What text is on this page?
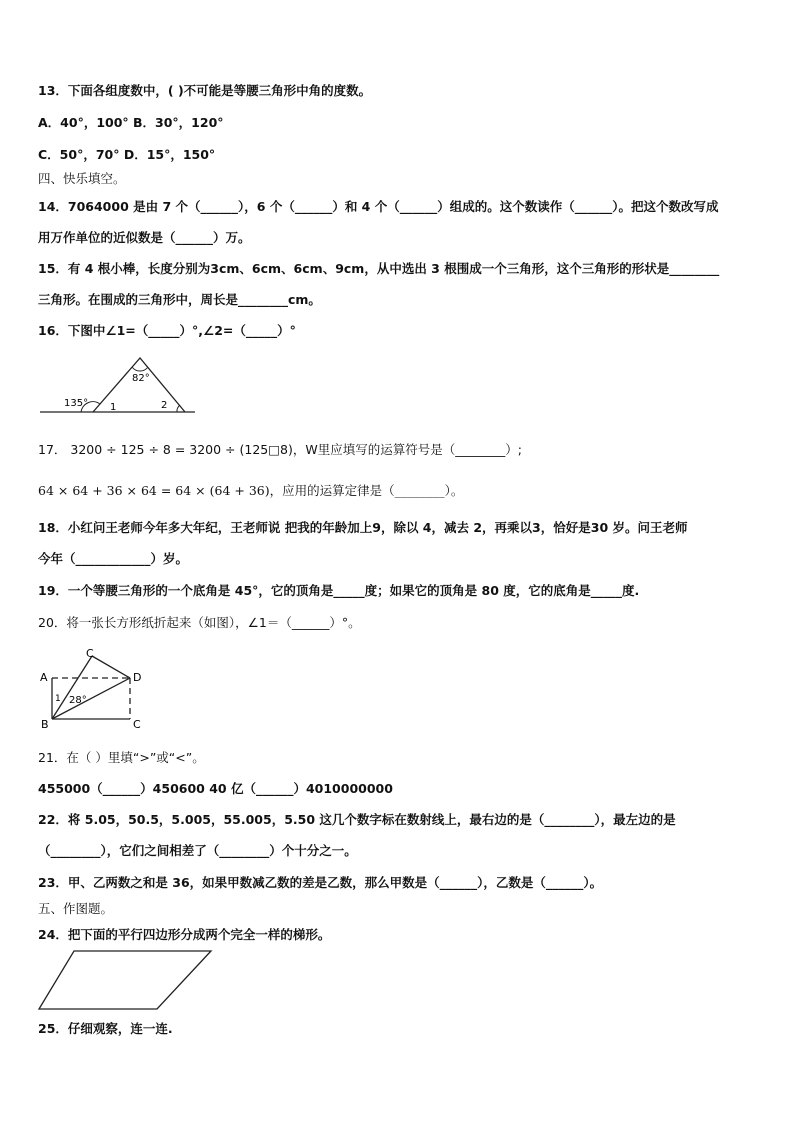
13．下面各组度数中，( )不可能是等腰三角形中角的度数。
A．40°，100° B．30°，120°
C．50°，70° D．15°，150°
四、快乐填空。
14．7064000 是由 7 个（______），6 个（______）和 4 个（______）组成的。这个数读作（______）。把这个数改写成
用万作单位的近似数是（______）万。
15．有 4 根小棒，长度分别为3cm、6cm、6cm、9cm，从中选出 3 根围成一个三角形，这个三角形的形状是________
三角形。在围成的三角形中，周长是________cm。
16．下图中∠1=（_____）°,∠2=（_____）°
82°
135° 1	2
17． 3200 ÷ 125 ÷ 8 = 3200 ÷ (125□8)，W里应填写的运算符号是（________）;
64 × 64 + 36 × 64 = 64 × (64 + 36)，应用的运算定律是（________）。
18．小红问王老师今年多大年纪，王老师说 把我的年龄加上9，除以 4，减去 2，再乘以3，恰好是30 岁。问王老师
今年（____________）岁。
19．一个等腰三角形的一个底角是 45°，它的顶角是_____度；如果它的顶角是 80 度，它的底角是_____度.
20．将一张长方形纸折起来（如图），∠1＝（______）°。
A
B
C
D
C
1 28°
21．在（ ）里填“>”或“<”。
455000（______）450600 40 亿（______）4010000000
22．将 5.05，50.5，5.005，55.005，5.50 这几个数字标在数射线上，最右边的是（________），最左边的是
（________），它们之间相差了（________）个十分之一。
23．甲、乙两数之和是 36，如果甲数减乙数的差是乙数，那么甲数是（______），乙数是（______）。
五、作图题。
24．把下面的平行四边形分成两个完全一样的梯形。
25．仔细观察，连一连.
